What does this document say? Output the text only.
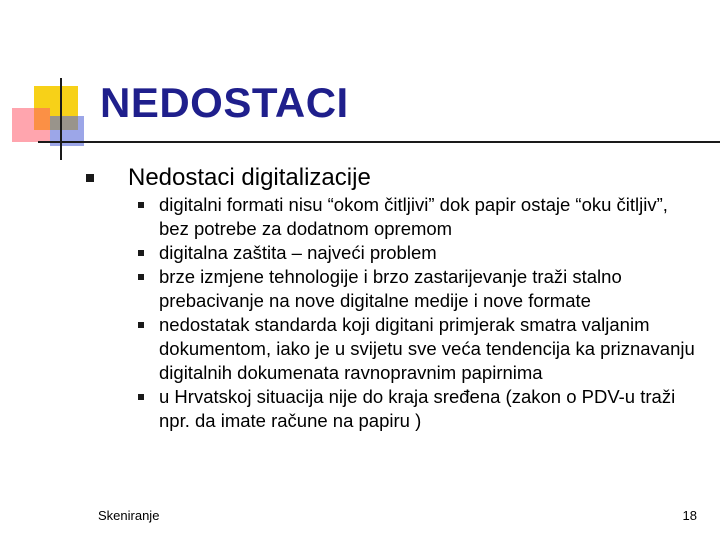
NEDOSTACI
Nedostaci digitalizacije
digitalni formati nisu “okom čitljivi” dok papir ostaje “oku čitljiv”, bez potrebe za dodatnom opremom
digitalna zaštita – najveći problem
brze izmjene tehnologije i brzo zastarijevanje traži stalno prebacivanje na nove digitalne medije i nove formate
nedostatak standarda koji digitani primjerak smatra valjanim dokumentom, iako je u svijetu sve veća tendencija ka priznavanju digitalnih dokumenata ravnopravnim papirnima
u Hrvatskoj situacija nije do kraja sređena (zakon o PDV-u traži npr. da imate račune na papiru )
Skeniranje	18
